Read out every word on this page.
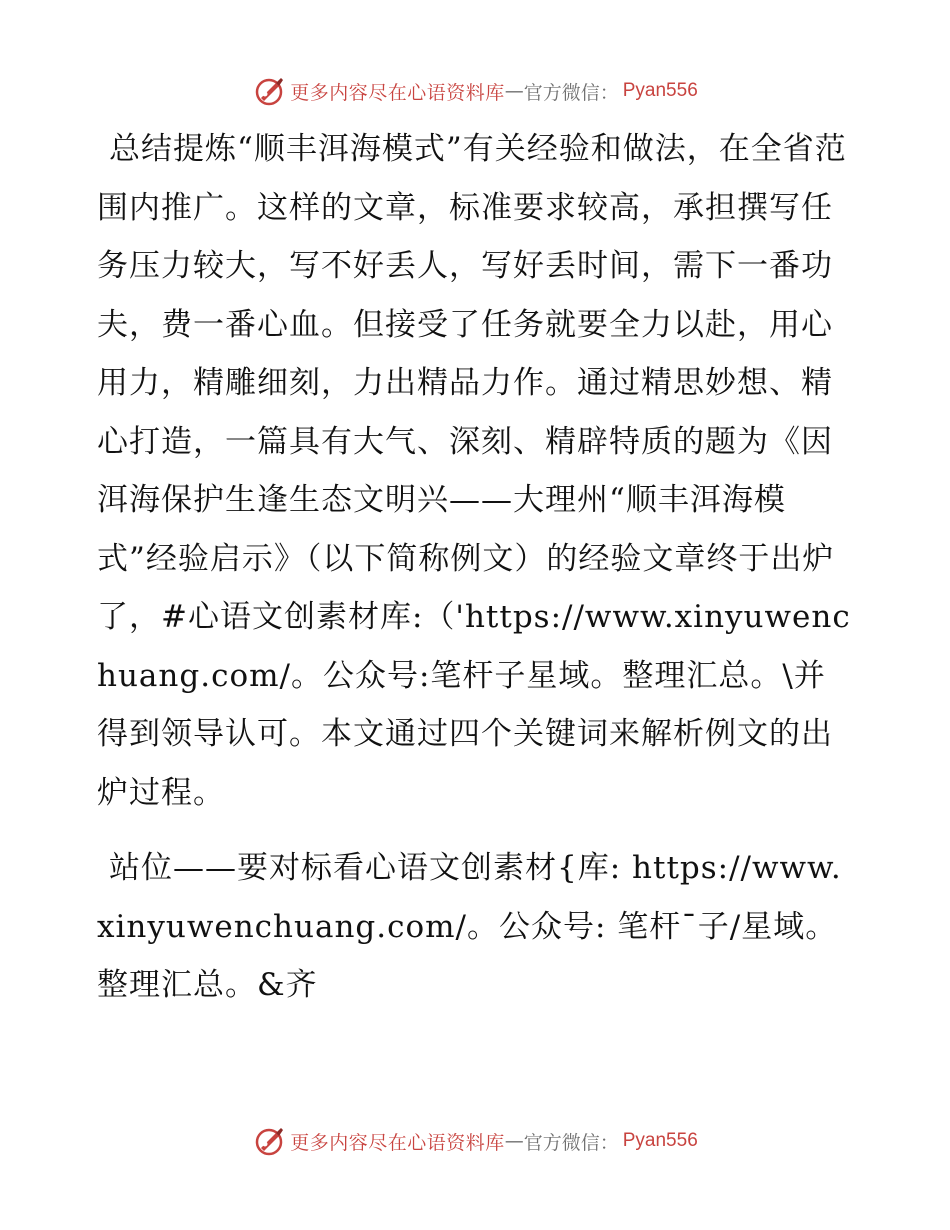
更多内容尽在心语资料库 — 官方微信： Pyan556

总结提炼“顺丰洱海模式”有关经验和做法，在全省范围内推广。这样的文章，标准要求较高，承担撰写任务压力较大，写不好丢人，写好丢时间，需下一番功夫，费一番心血。但接受了任务就要全力以赴，用心用力，精雕细刻，力出精品力作。通过精思妙想、精心打造，一篇具有大气、深刻、精辟特质的题为《因洱海保护生逢生态文明兴——大理州“顺丰洱海模式”经验启示》（以下简称例文）的经验文章终于出炉了，#心语文创素材库:（'https://www.xinyuwenchuang.com/。公众号:笔杆子星域。整理汇总。\并得到领导认可。本文通过四个关键词来解析例文的出炉过程。

站位——要对标看心语文创素材{库: https://www.xinyuwenchuang.com/。公众号: 笔杆¯子/星域。整理汇总。&齐

更多内容尽在心语资料库 — 官方微信： Pyan556
